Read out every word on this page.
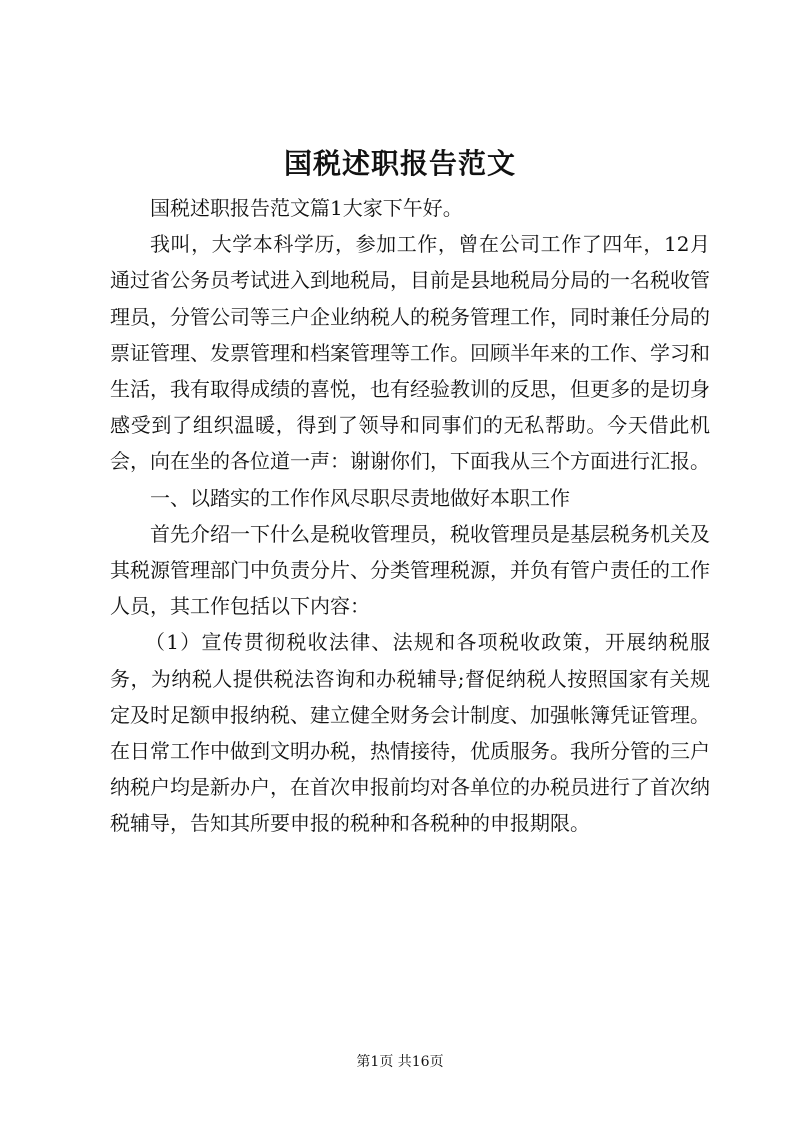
国税述职报告范文

国税述职报告范文篇1大家下午好。

我叫，大学本科学历，参加工作，曾在公司工作了四年，12月通过省公务员考试进入到地税局，目前是县地税局分局的一名税收管理员，分管公司等三户企业纳税人的税务管理工作，同时兼任分局的票证管理、发票管理和档案管理等工作。回顾半年来的工作、学习和生活，我有取得成绩的喜悦，也有经验教训的反思，但更多的是切身感受到了组织温暖，得到了领导和同事们的无私帮助。今天借此机会，向在坐的各位道一声：谢谢你们，下面我从三个方面进行汇报。

一、以踏实的工作作风尽职尽责地做好本职工作

首先介绍一下什么是税收管理员，税收管理员是基层税务机关及其税源管理部门中负责分片、分类管理税源，并负有管户责任的工作人员，其工作包括以下内容：

（1）宣传贯彻税收法律、法规和各项税收政策，开展纳税服务，为纳税人提供税法咨询和办税辅导;督促纳税人按照国家有关规定及时足额申报纳税、建立健全财务会计制度、加强帐簿凭证管理。在日常工作中做到文明办税，热情接待，优质服务。我所分管的三户纳税户均是新办户，在首次申报前均对各单位的办税员进行了首次纳税辅导，告知其所要申报的税种和各税种的申报期限。

第1页 共16页
